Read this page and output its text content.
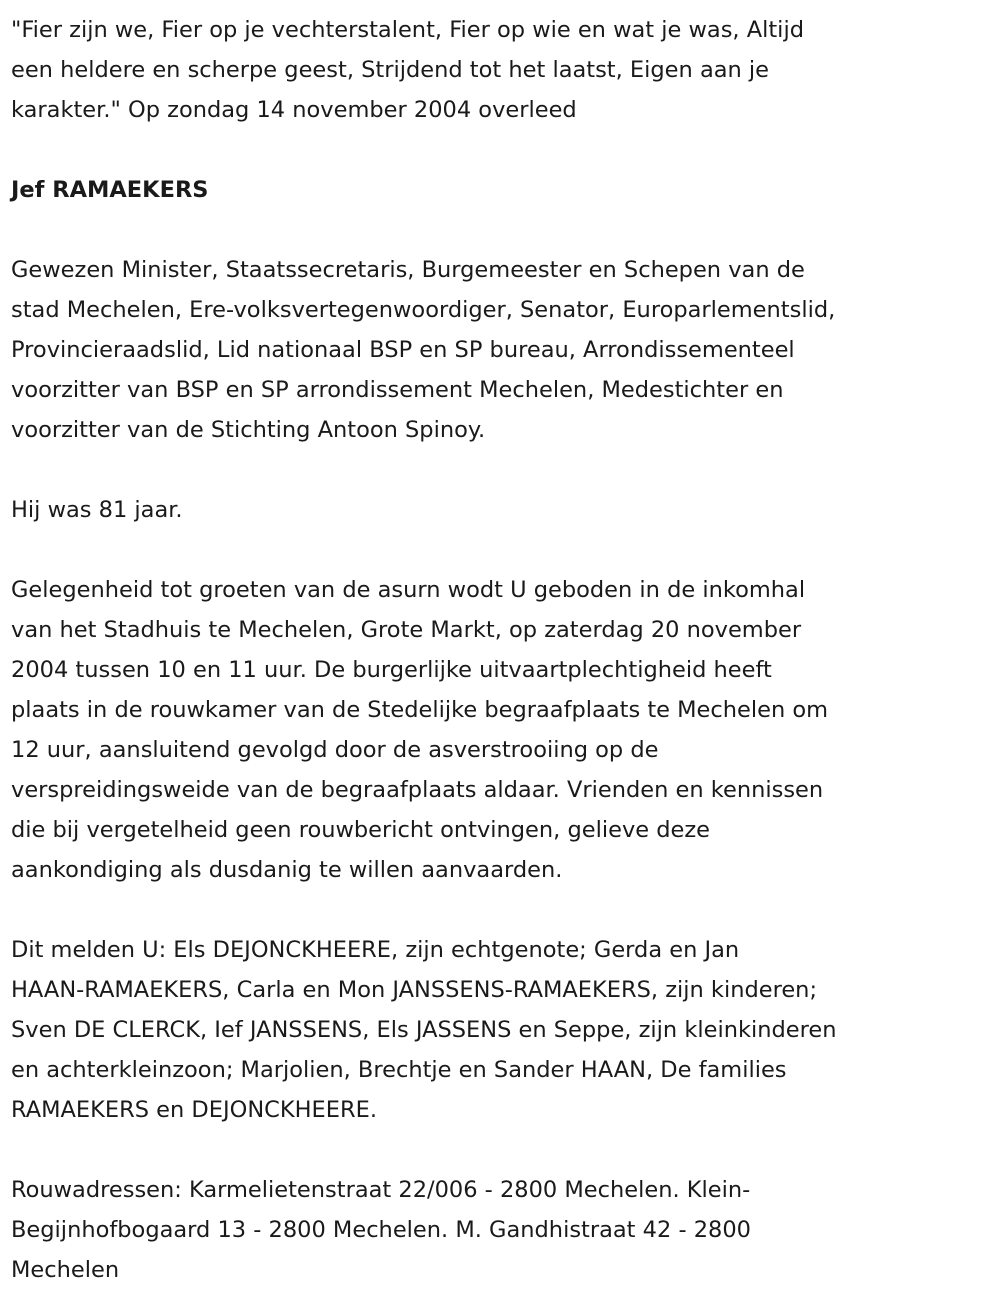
"Fier zijn we, Fier op je vechterstalent, Fier op wie en wat je was, Altijd
een heldere en scherpe geest, Strijdend tot het laatst, Eigen aan je
karakter." Op zondag 14 november 2004 overleed

Jef RAMAEKERS

Gewezen Minister, Staatssecretaris, Burgemeester en Schepen van de
stad Mechelen, Ere-volksvertegenwoordiger, Senator, Europarlementslid,
Provincieraadslid, Lid nationaal BSP en SP bureau, Arrondissementeel
voorzitter van BSP en SP arrondissement Mechelen, Medestichter en
voorzitter van de Stichting Antoon Spinoy.

Hij was 81 jaar.

Gelegenheid tot groeten van de asurn wodt U geboden in de inkomhal
van het Stadhuis te Mechelen, Grote Markt, op zaterdag 20 november
2004 tussen 10 en 11 uur. De burgerlijke uitvaartplechtigheid heeft
plaats in de rouwkamer van de Stedelijke begraafplaats te Mechelen om
12 uur, aansluitend gevolgd door de asverstrooiing op de
verspreidingsweide van de begraafplaats aldaar. Vrienden en kennissen
die bij vergetelheid geen rouwbericht ontvingen, gelieve deze
aankondiging als dusdanig te willen aanvaarden.

Dit melden U: Els DEJONCKHEERE, zijn echtgenote; Gerda en Jan
HAAN-RAMAEKERS, Carla en Mon JANSSENS-RAMAEKERS, zijn kinderen;
Sven DE CLERCK, Ief JANSSENS, Els JASSENS en Seppe, zijn kleinkinderen
en achterkleinzoon; Marjolien, Brechtje en Sander HAAN, De families
RAMAEKERS en DEJONCKHEERE.

Rouwadressen: Karmelietenstraat 22/006 - 2800 Mechelen. Klein-
Begijnhofbogaard 13 - 2800 Mechelen. M. Gandhistraat 42 - 2800
Mechelen
